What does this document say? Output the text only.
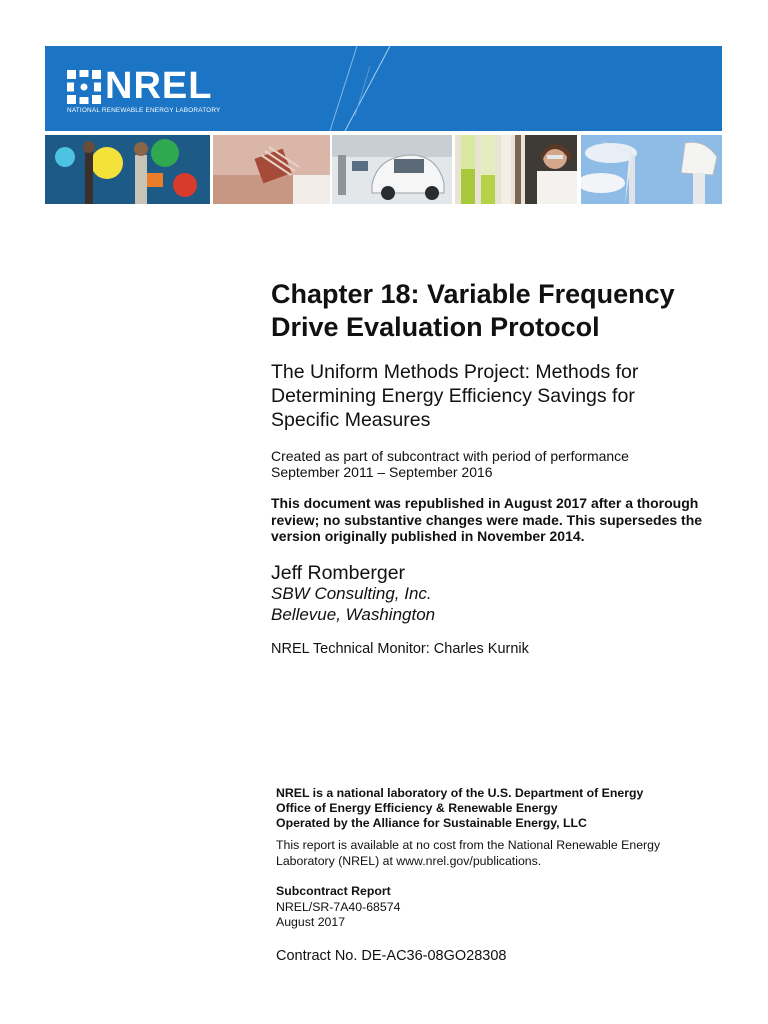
NREL
NATIONAL RENEWABLE ENERGY LABORATORY
Chapter 18: Variable Frequency
Drive Evaluation Protocol
The Uniform Methods Project: Methods for
Determining Energy Efficiency Savings for
Specific Measures
Created as part of subcontract with period of performance
September 2011 – September 2016
This document was republished in August 2017 after a thorough
review; no substantive changes were made. This supersedes the
version originally published in November 2014.
Jeff Romberger
SBW Consulting, Inc.
Bellevue, Washington
NREL Technical Monitor: Charles Kurnik
NREL is a national laboratory of the U.S. Department of Energy
Office of Energy Efficiency & Renewable Energy
Operated by the Alliance for Sustainable Energy, LLC
This report is available at no cost from the National Renewable Energy
Laboratory (NREL) at www.nrel.gov/publications.
Subcontract Report
NREL/SR-7A40-68574
August 2017
Contract No. DE-AC36-08GO28308
